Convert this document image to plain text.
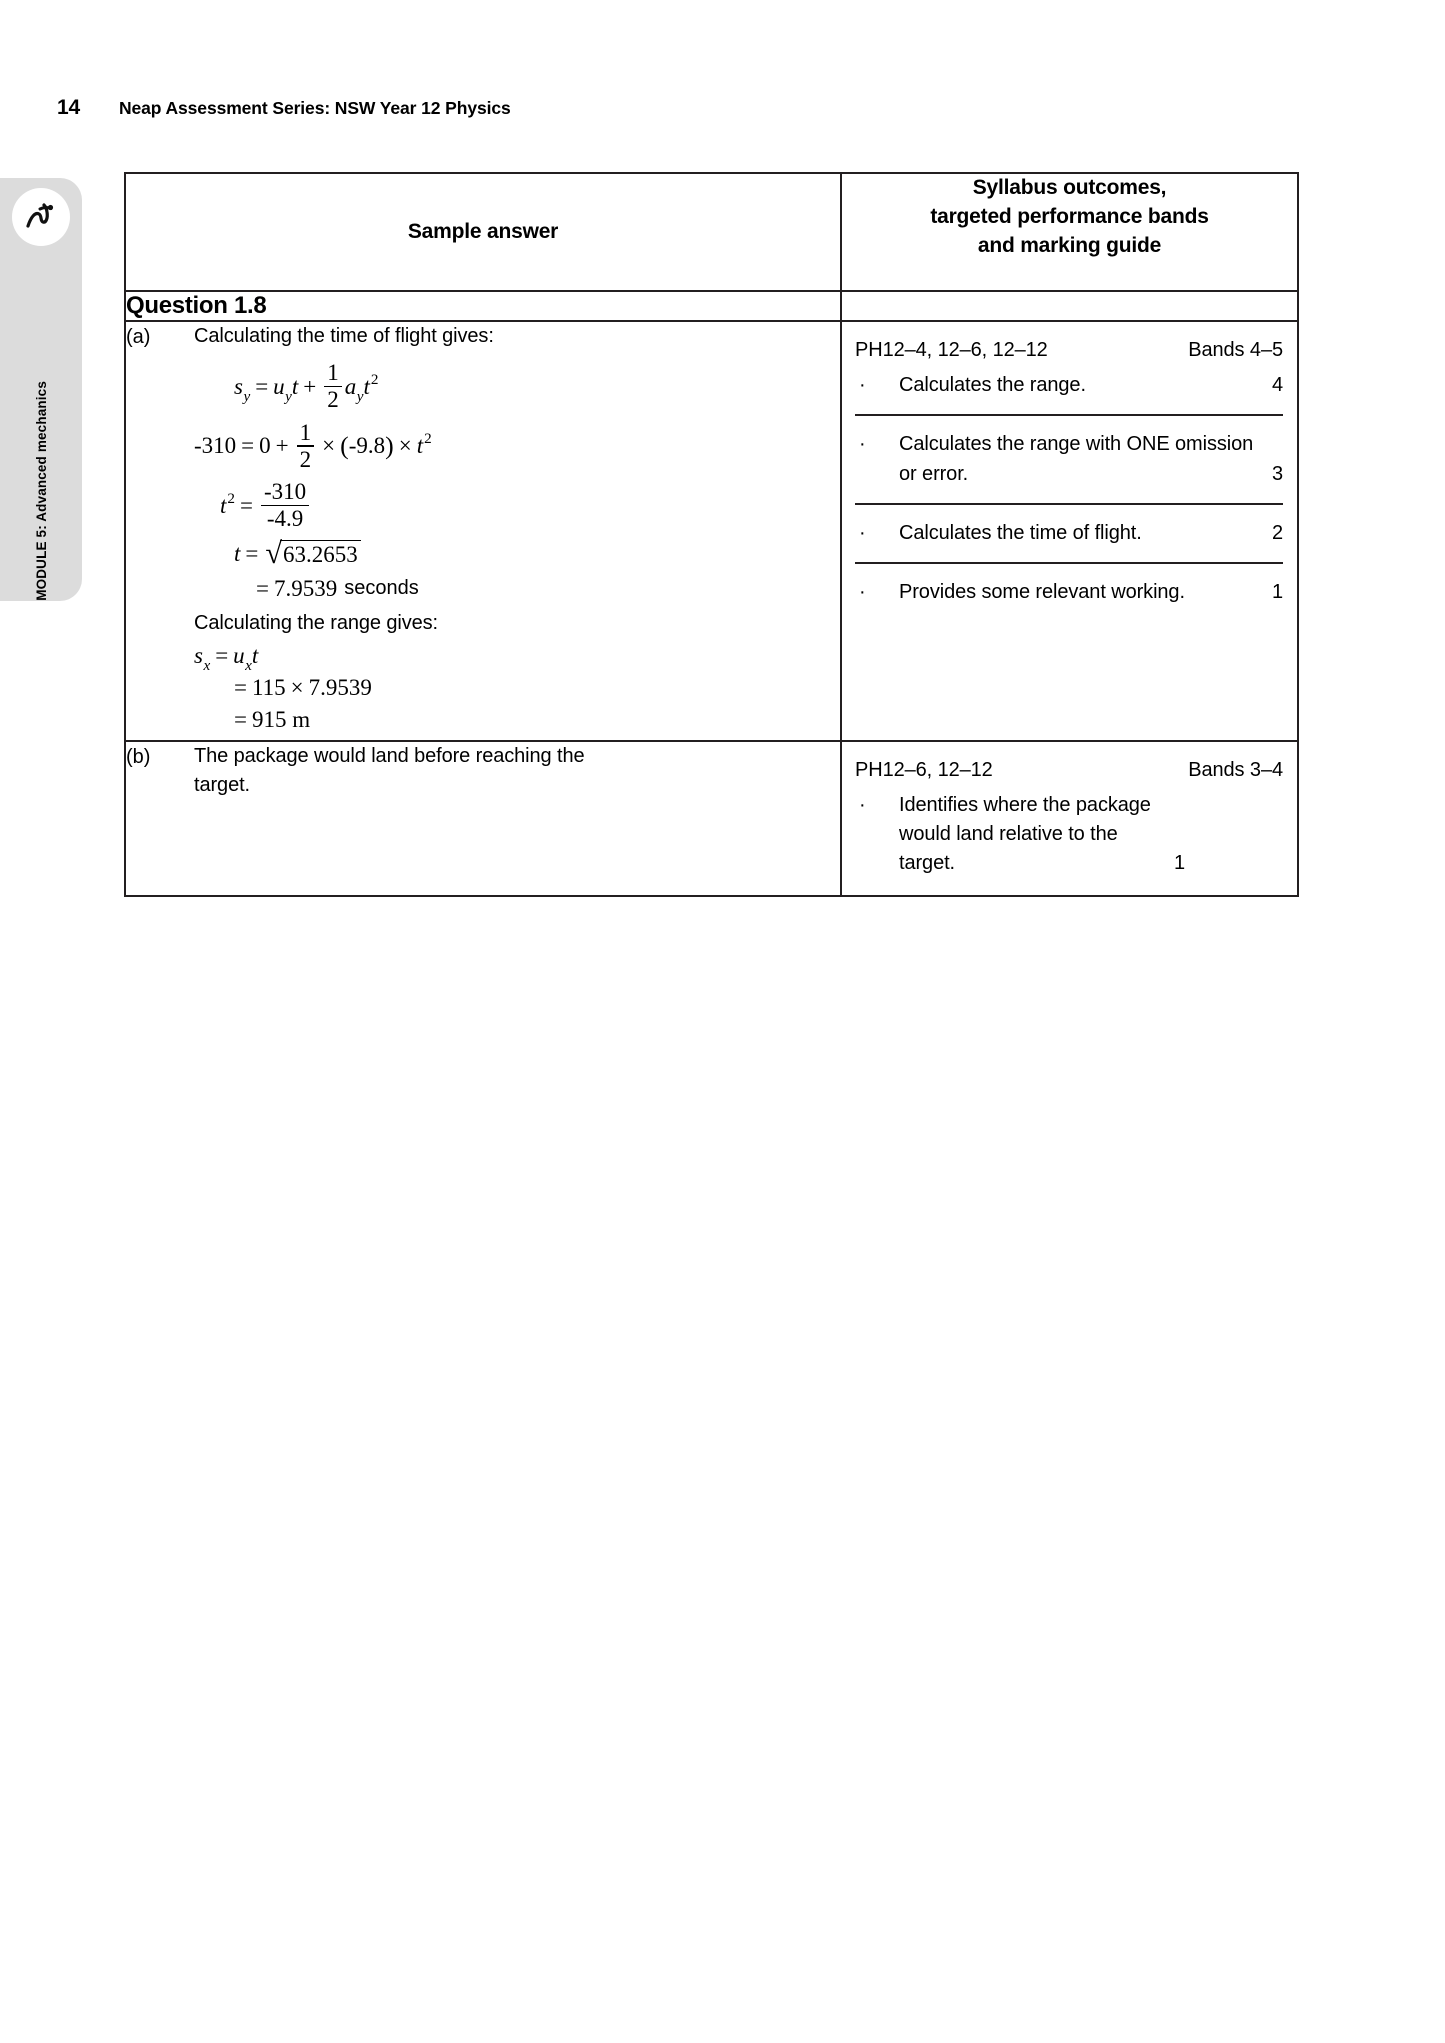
14	Neap Assessment Series: NSW Year 12 Physics
MODULE 5: Advanced mechanics
Sample answer	Syllabus outcomes,
targeted performance bands
and marking guide

Question 1.8	

(a)	Calculating the time of flight gives:
s y = u y $t + \frac{1}{2}$ a y t 2
$-310 = 0 + \frac{1}{2}$ × ( -9.8 ) × t 2
t $2 = \frac{-310}{-4.9}$
t = √ 63.2653
= 7.9539 seconds
Calculating the range gives:
s x = u x t
= 115 × 7.9539
= 915 m

PH12–4, 12–6, 12–12	Bands 4–5
·	Calculates the range.	4
·	Calculates the range with ONE omission or error.	3
·	Calculates the time of flight.	2
·	Provides some relevant working.	1

(b)	The package would land before reaching the target.

PH12–6, 12–12	Bands 3–4
·	Identifies where the package would land relative to the target.	1
